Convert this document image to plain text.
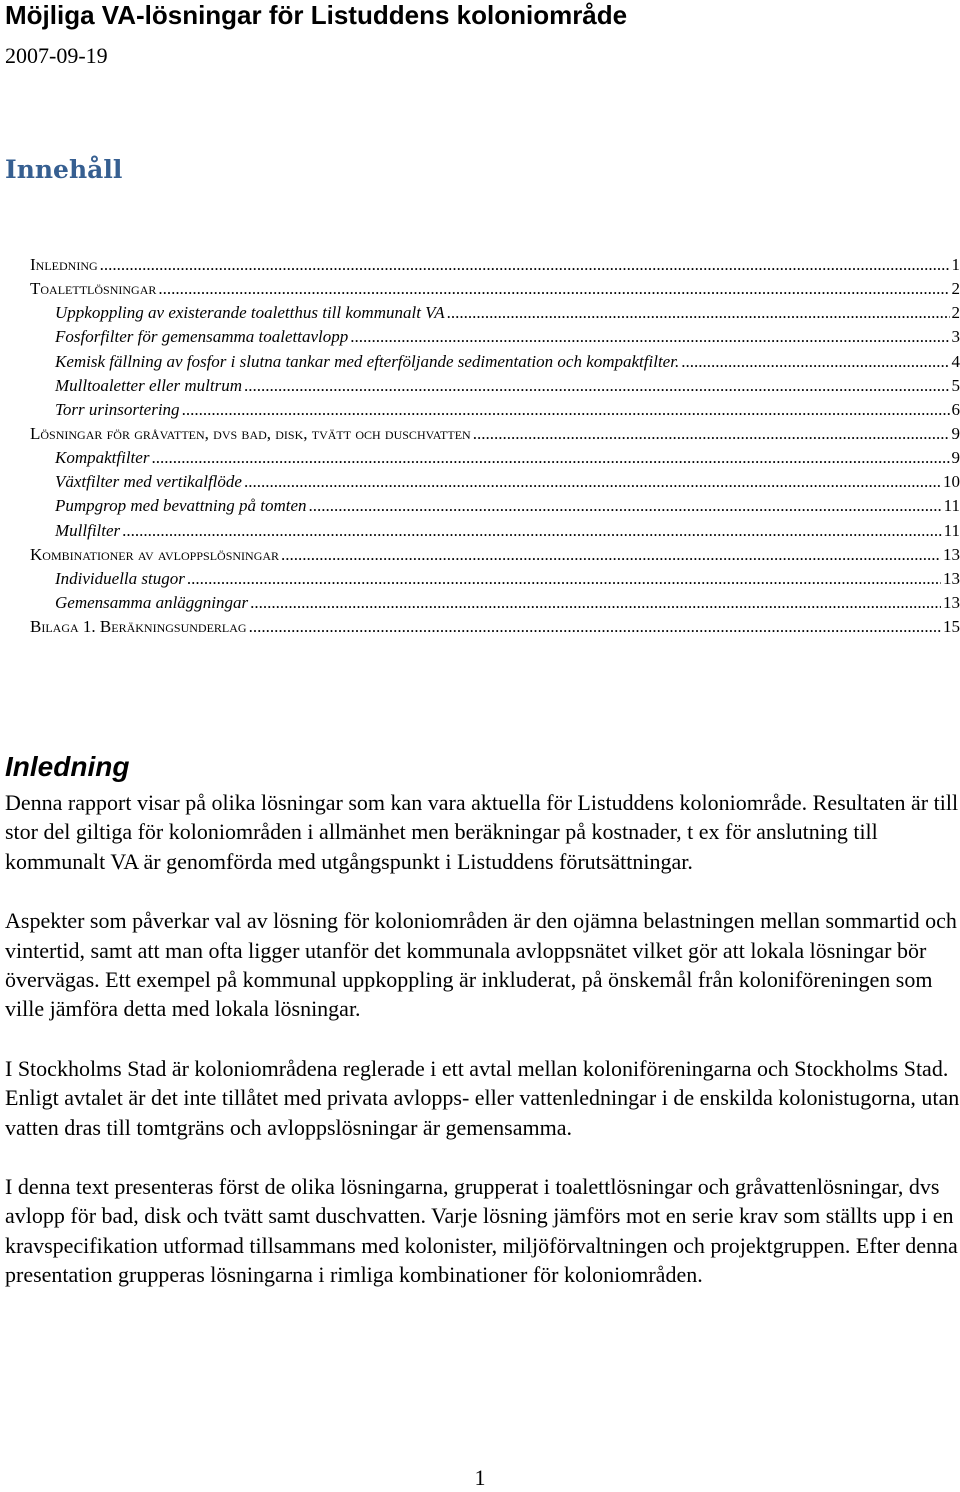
Möjliga VA-lösningar för Listuddens koloniområde
2007-09-19
Innehåll
Inledning .....	1
Toalettlösningar .....	2
Uppkoppling av existerande toaletthus till kommunalt VA .....	2
Fosforfilter för gemensamma toalettavlopp .....	3
Kemisk fällning av fosfor i slutna tankar med efterföljande sedimentation och kompaktfilter. .....	4
Mulltoaletter eller multrum .....	5
Torr urinsortering .....	6
Lösningar för gråvatten, dvs bad, disk, tvätt och duschvatten .....	9
Kompaktfilter .....	9
Växtfilter med vertikalflöde .....	10
Pumpgrop med bevattning på tomten .....	11
Mullfilter .....	11
Kombinationer av avloppslösningar .....	13
Individuella stugor .....	13
Gemensamma anläggningar .....	13
Bilaga 1. Beräkningsunderlag .....	15
Inledning

Denna rapport visar på olika lösningar som kan vara aktuella för Listuddens koloniområde. Resultaten är till stor del giltiga för koloniområden i allmänhet men beräkningar på kostnader, t ex för anslutning till kommunalt VA är genomförda med utgångspunkt i Listuddens förutsättningar.

Aspekter som påverkar val av lösning för koloniområden är den ojämna belastningen mellan sommartid och vintertid, samt att man ofta ligger utanför det kommunala avloppsnätet vilket gör att lokala lösningar bör övervägas. Ett exempel på kommunal uppkoppling är inkluderat, på önskemål från koloniföreningen som ville jämföra detta med lokala lösningar.

I Stockholms Stad är koloniområdena reglerade i ett avtal mellan koloniföreningarna och Stockholms Stad. Enligt avtalet är det inte tillåtet med privata avlopps- eller vattenledningar i de enskilda kolonistugorna, utan vatten dras till tomtgräns och avloppslösningar är gemensamma.

I denna text presenteras först de olika lösningarna, grupperat i toalettlösningar och gråvattenlösningar, dvs avlopp för bad, disk och tvätt samt duschvatten. Varje lösning jämförs mot en serie krav som ställts upp i en kravspecifikation utformad tillsammans med kolonister, miljöförvaltningen och projektgruppen. Efter denna presentation grupperas lösningarna i rimliga kombinationer för koloniområden.

1
